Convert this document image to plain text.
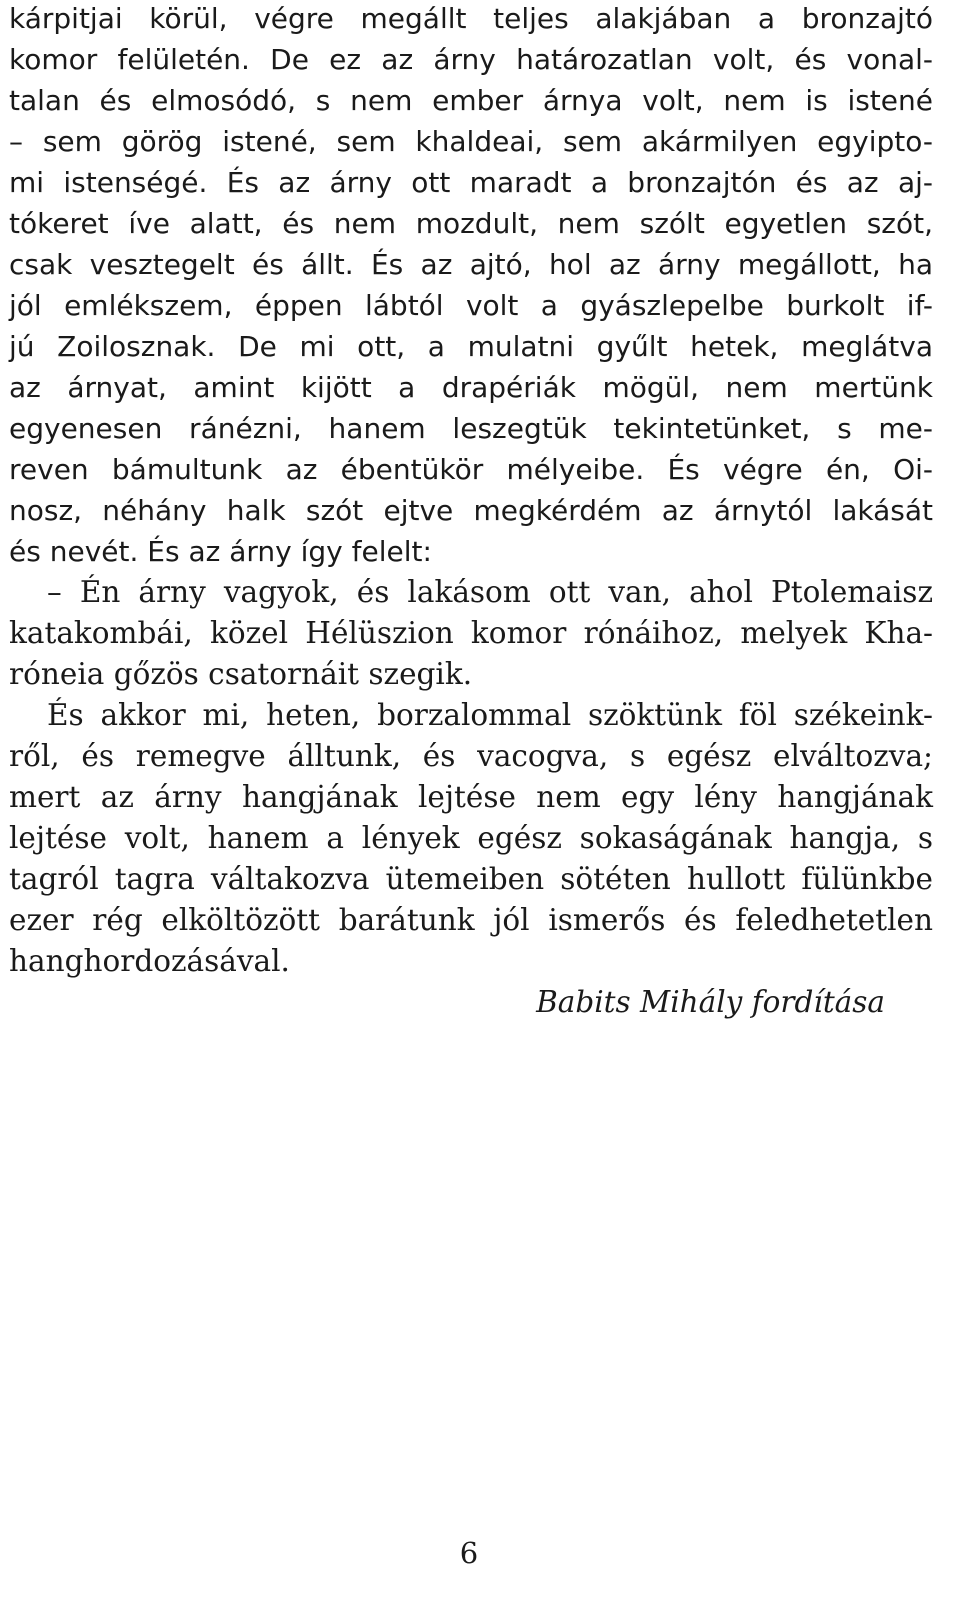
kárpitjai körül, végre megállt teljes alakjában a bronzajtó
komor felületén. De ez az árny határozatlan volt, és vonal-
talan és elmosódó, s nem ember árnya volt, nem is istené
– sem görög istené, sem khaldeai, sem akármilyen egyipto-
mi istenségé. És az árny ott maradt a bronzajtón és az aj-
tókeret íve alatt, és nem mozdult, nem szólt egyetlen szót,
csak vesztegelt és állt. És az ajtó, hol az árny megállott, ha
jól emlékszem, éppen lábtól volt a gyászlepelbe burkolt if-
jú Zoilosznak. De mi ott, a mulatni gyűlt hetek, meglátva
az árnyat, amint kijött a drapériák mögül, nem mertünk
egyenesen ránézni, hanem leszegtük tekintetünket, s me-
reven bámultunk az ébentükör mélyeibe. És végre én, Oi-
nosz, néhány halk szót ejtve megkérdém az árnytól lakását
és nevét. És az árny így felelt:
– Én árny vagyok, és lakásom ott van, ahol Ptolemaisz
katakombái, közel Hélüszion komor rónáihoz, melyek Kha-
róneia gőzös csatornáit szegik.
És akkor mi, heten, borzalommal szöktünk föl székeink-
ről, és remegve álltunk, és vacogva, s egész elváltozva;
mert az árny hangjának lejtése nem egy lény hangjának
lejtése volt, hanem a lények egész sokaságának hangja, s
tagról tagra váltakozva ütemeiben sötéten hullott fülünkbe
ezer rég elköltözött barátunk jól ismerős és feledhetetlen
hanghordozásával.
Babits Mihály fordítása
6
